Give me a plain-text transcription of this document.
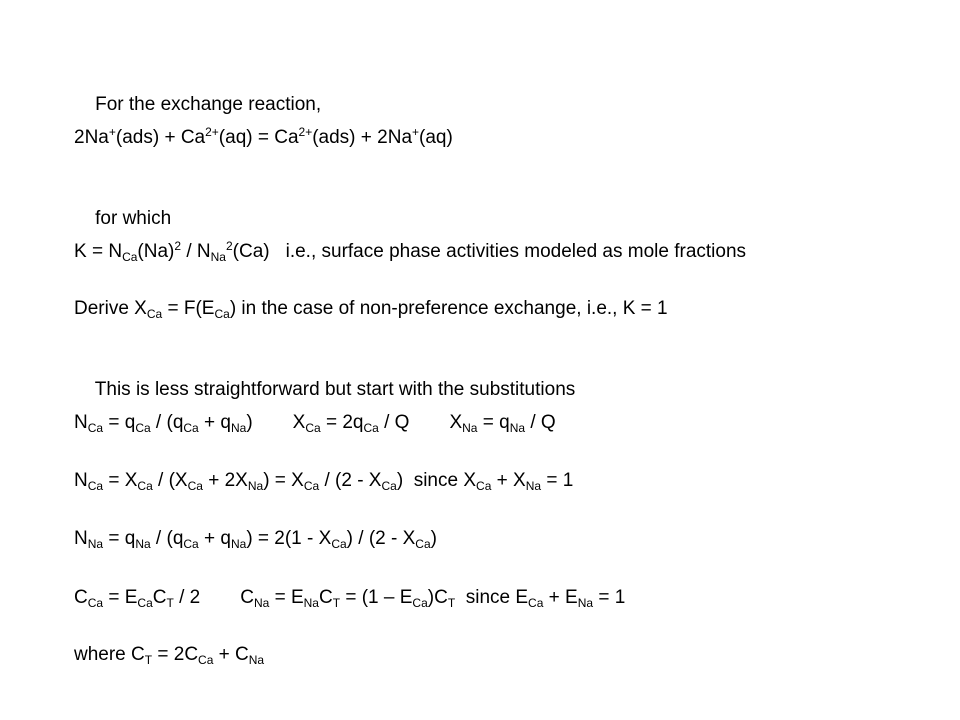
For the exchange reaction,

$2Na^+(ads) + Ca^{2+}(aq) = Ca^{2+}(ads) + 2Na^+(aq)$

for which

$K = N_{Ca}(Na)^2 / N_{Na}^2(Ca)$ i.e., surface phase activities modeled as mole fractions
Derive $X_{Ca} = F(E_{Ca})$ in the case of non-preference exchange, i.e., K = 1

This is less straightforward but start with the substitutions

$N_{Ca} = q_{Ca} / (q_{Ca} + q_{Na}) X_{Ca} = 2q_{Ca} / Q$ $X_{Na} = q_{Na} / Q$
$N_{Ca} = X_{Ca} / (X_{Ca} + 2X_{Na}) = X_{Ca} / (2 - X_{Ca})$  since $X_{Ca} + X_{Na} = 1$
$N_{Na} = q_{Na} / (q_{Ca} + q_{Na}) = 2(1 - X_{Ca}) / (2 - X_{Ca})$
$C_{Ca} = E_{Ca}C_T / 2$ $C_{Na} = E_{Na}C_T = (1 - E_{Ca})C_T$  since $E_{Ca} + E_{Na} = 1$
where $C_T = 2C_{Ca} + C_{Na}$
